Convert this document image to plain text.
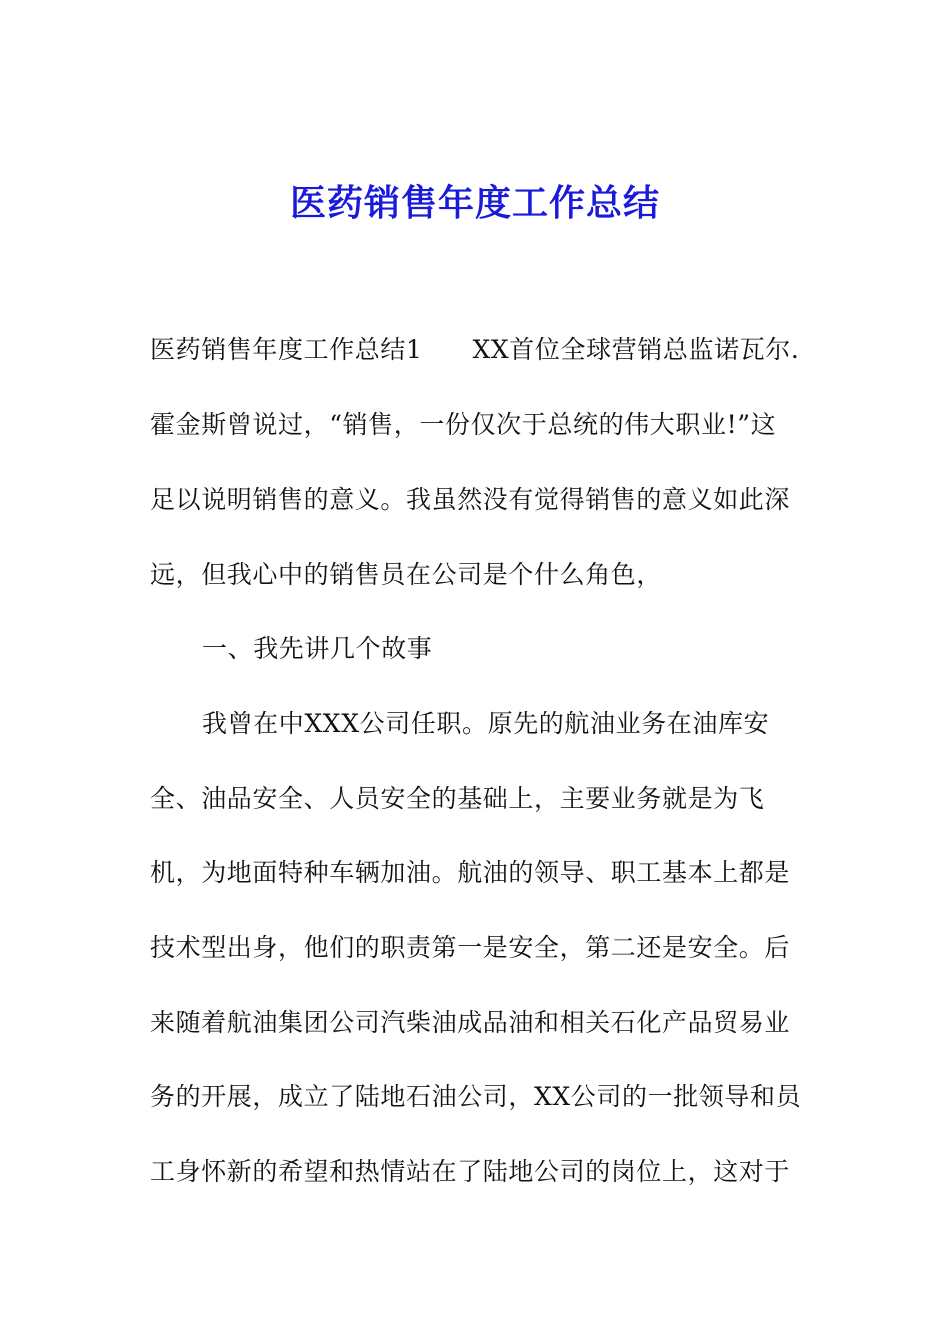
医药销售年度工作总结
医药销售年度工作总结1 XX首位全球营销总监诺瓦尔.
霍金斯曾说过，“销售，一份仅次于总统的伟大职业!”这
足以说明销售的意义。我虽然没有觉得销售的意义如此深
远，但我心中的销售员在公司是个什么角色，
一、我先讲几个故事
我曾在中XXX公司任职。原先的航油业务在油库安
全、油品安全、人员安全的基础上，主要业务就是为飞
机，为地面特种车辆加油。航油的领导、职工基本上都是
技术型出身，他们的职责第一是安全，第二还是安全。后
来随着航油集团公司汽柴油成品油和相关石化产品贸易业
务的开展，成立了陆地石油公司，XX公司的一批领导和员
工身怀新的希望和热情站在了陆地公司的岗位上，这对于
